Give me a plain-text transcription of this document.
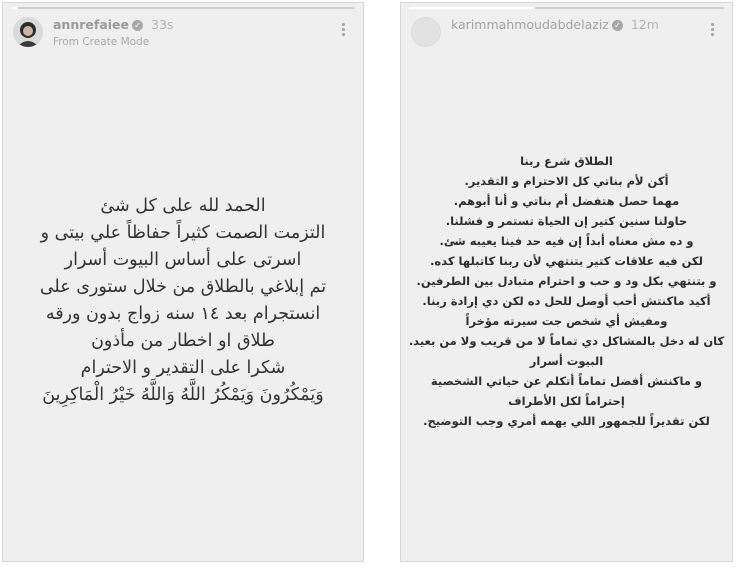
annrefaiee ✓ 33s
From Create Mode
الحمد لله على كل شئ
التزمت الصمت كثيراً حفاظاً علي بيتى و
اسرتى على أساس البيوت أسرار
تم إبلاغي بالطلاق من خلال ستورى على
انستجرام بعد ١٤ سنه زواج بدون ورقه
طلاق او اخطار من مأذون
شكرا على التقدير و الاحترام
وَيَمْكُرُونَ وَيَمْكُرُ اللَّهُ وَاللَّهُ خَيْرُ الْمَاكِرِينَ
karimmahmoudabdelaziz ✓ 12m
الطلاق شرع ربنا
أكن لأم بناتي كل الاحترام و التقدير.
مهما حصل هتفضل أم بناتي و أنا أبوهم.
حاولنا سنين كتير إن الحياة تستمر و فشلنا.
و ده مش معناه أبداً إن فيه حد فينا يعيبه شئ.
لكن فيه علاقات كتير بتنتهي لأن ربنا كاتبلها كده.
و بتنتهي بكل ود و حب و احترام متبادل بين الطرفين.
أكيد ماكنتش أحب أوصل للحل ده لكن دي إرادة ربنا.
ومفيش أي شخص جت سيرته مؤخراً
كان له دخل بالمشاكل دي تماماً لا من قريب ولا من بعيد.
البيوت أسرار
و ماكنتش أفضل تماماً أتكلم عن حياتي الشخصية
إحتراماً لكل الأطراف
لكن تقديراً للجمهور اللي يهمه أمري وجب التوضيح.
